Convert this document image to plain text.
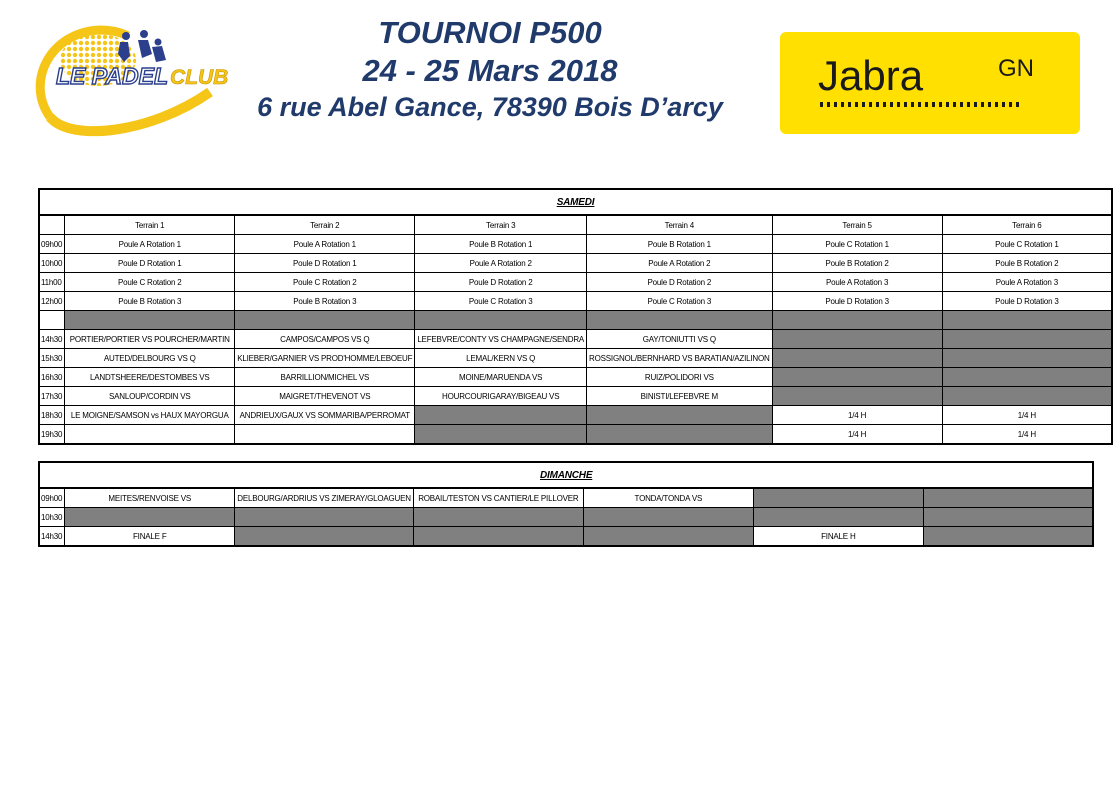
LE PADEL CLUB
TOURNOI P500
24 - 25 Mars 2018
6 rue Abel Gance, 78390 Bois D’arcy
Jabra	GN
SAMEDI						
	Terrain 1	Terrain 2	Terrain 3	Terrain 4	Terrain 5	Terrain 6
09h00	Poule A Rotation 1	Poule A Rotation 1	Poule B Rotation 1	Poule B Rotation 1	Poule C Rotation 1	Poule C Rotation 1
10h00	Poule D Rotation 1	Poule D Rotation 1	Poule A Rotation 2	Poule A Rotation 2	Poule B Rotation 2	Poule B Rotation 2
11h00	Poule C Rotation 2	Poule C Rotation 2	Poule D Rotation 2	Poule D Rotation 2	Poule A Rotation 3	Poule A Rotation 3
12h00	Poule B Rotation 3	Poule B Rotation 3	Poule C Rotation 3	Poule C Rotation 3	Poule D Rotation 3	Poule D Rotation 3

14h30	PORTIER/PORTIER VS POURCHER/MARTIN	CAMPOS/CAMPOS VS Q	LEFEBVRE/CONTY VS CHAMPAGNE/SENDRA	GAY/TONIUTTI VS Q		
15h30	AUTED/DELBOURG VS Q	KLIEBER/GARNIER VS PROD'HOMME/LEBOEUF	LEMAL/KERN VS Q	ROSSIGNOL/BERNHARD VS BARATIAN/AZILINON		
16h30	LANDTSHEERE/DESTOMBES VS	BARRILLION/MICHEL VS	MOINE/MARUENDA VS	RUIZ/POLIDORI VS		
17h30	SANLOUP/CORDIN VS	MAIGRET/THEVENOT VS	HOURCOURIGARAY/BIGEAU VS	BINISTI/LEFEBVRE M		
18h30	LE MOIGNE/SAMSON vs HAUX MAYORGUA	ANDRIEUX/GAUX VS SOMMARIBA/PERROMAT			1/4 H	1/4 H
19h30					1/4 H	1/4 H
DIMANCHE						
09h00	MEITES/RENVOISE VS	DELBOURG/ARDRIUS VS ZIMERAY/GLOAGUEN	ROBAIL/TESTON VS CANTIER/LE PILLOVER	TONDA/TONDA VS		
10h30						
14h30	FINALE F				FINALE H	
